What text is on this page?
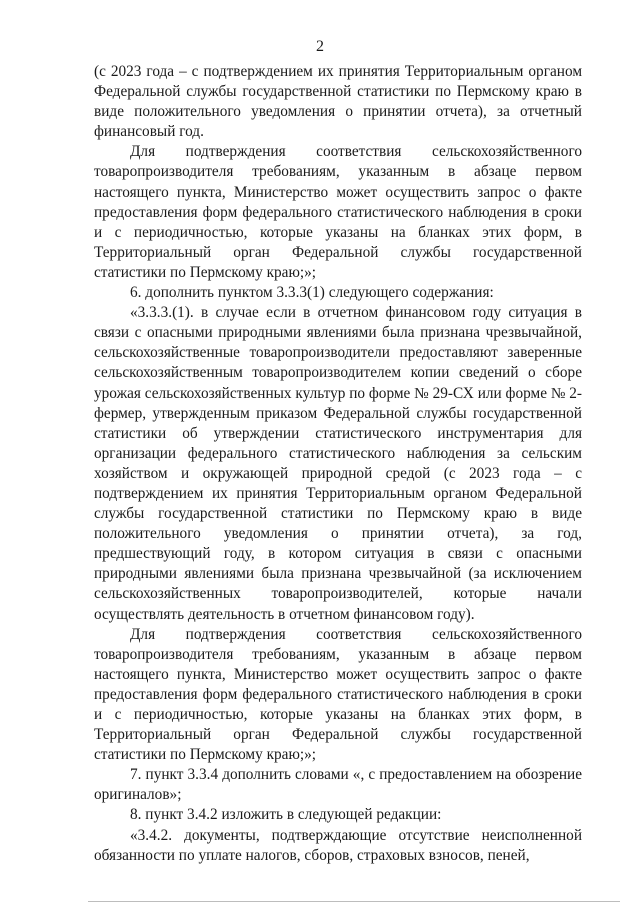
2

(с 2023 года – с подтверждением их принятия Территориальным органом Федеральной службы государственной статистики по Пермскому краю в виде положительного уведомления о принятии отчета), за отчетный финансовый год.

Для подтверждения соответствия сельскохозяйственного товаропроизводителя требованиям, указанным в абзаце первом настоящего пункта, Министерство может осуществить запрос о факте предоставления форм федерального статистического наблюдения в сроки и с периодичностью, которые указаны на бланках этих форм, в Территориальный орган Федеральной службы государственной статистики по Пермскому краю;»;

6. дополнить пунктом 3.3.3(1) следующего содержания:

«3.3.3.(1). в случае если в отчетном финансовом году ситуация в связи с опасными природными явлениями была признана чрезвычайной, сельскохозяйственные товаропроизводители предоставляют заверенные сельскохозяйственным товаропроизводителем копии сведений о сборе урожая сельскохозяйственных культур по форме № 29-СХ или форме № 2-фермер, утвержденным приказом Федеральной службы государственной статистики об утверждении статистического инструментария для организации федерального статистического наблюдения за сельским хозяйством и окружающей природной средой (с 2023 года – с подтверждением их принятия Территориальным органом Федеральной службы государственной статистики по Пермскому краю в виде положительного уведомления о принятии отчета), за год, предшествующий году, в котором ситуация в связи с опасными природными явлениями была признана чрезвычайной (за исключением сельскохозяйственных товаропроизводителей, которые начали осуществлять деятельность в отчетном финансовом году).

Для подтверждения соответствия сельскохозяйственного товаропроизводителя требованиям, указанным в абзаце первом настоящего пункта, Министерство может осуществить запрос о факте предоставления форм федерального статистического наблюдения в сроки и с периодичностью, которые указаны на бланках этих форм, в Территориальный орган Федеральной службы государственной статистики по Пермскому краю;»;

7. пункт 3.3.4 дополнить словами «, с предоставлением на обозрение оригиналов»;

8. пункт 3.4.2 изложить в следующей редакции:

«3.4.2. документы, подтверждающие отсутствие неисполненной обязанности по уплате налогов, сборов, страховых взносов, пеней,
